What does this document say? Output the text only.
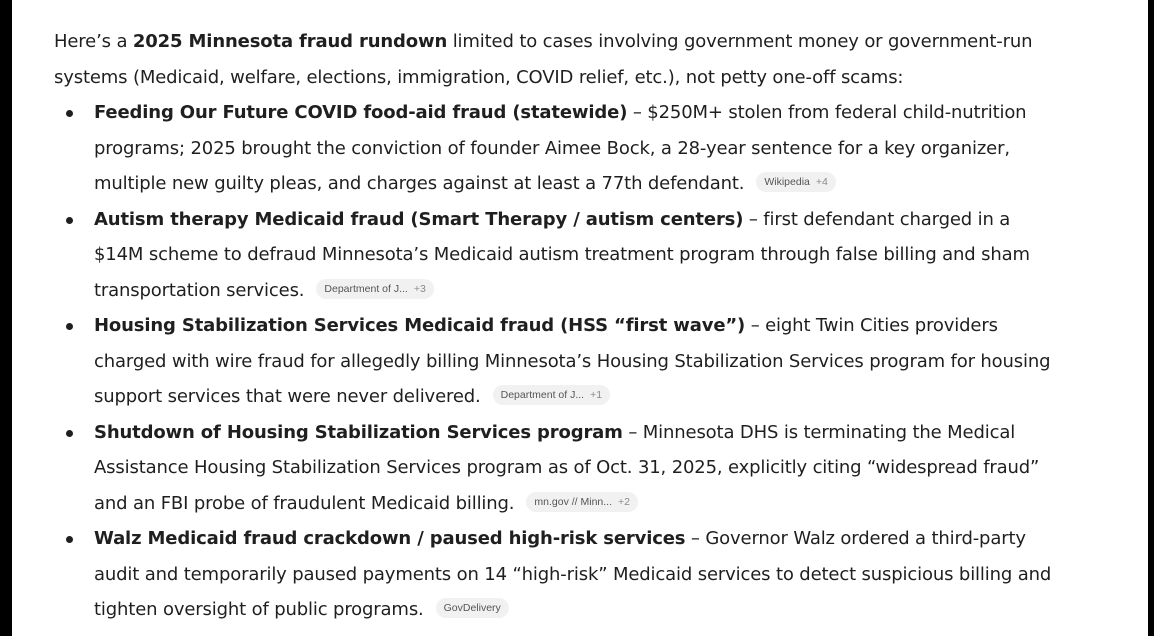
Here’s a 2025 Minnesota fraud rundown limited to cases involving government money or government-run systems (Medicaid, welfare, elections, immigration, COVID relief, etc.), not petty one-off scams:

Feeding Our Future COVID food-aid fraud (statewide) – $250M+ stolen from federal child-nutrition programs; 2025 brought the conviction of founder Aimee Bock, a 28-year sentence for a key organizer, multiple new guilty pleas, and charges against at least a 77th defendant. Wikipedia +4
Autism therapy Medicaid fraud (Smart Therapy / autism centers) – first defendant charged in a $14M scheme to defraud Minnesota’s Medicaid autism treatment program through false billing and sham transportation services. Department of J... +3
Housing Stabilization Services Medicaid fraud (HSS “first wave”) – eight Twin Cities providers charged with wire fraud for allegedly billing Minnesota’s Housing Stabilization Services program for housing support services that were never delivered. Department of J... +1
Shutdown of Housing Stabilization Services program – Minnesota DHS is terminating the Medical Assistance Housing Stabilization Services program as of Oct. 31, 2025, explicitly citing “widespread fraud” and an FBI probe of fraudulent Medicaid billing. mn.gov // Minn... +2
Walz Medicaid fraud crackdown / paused high-risk services – Governor Walz ordered a third-party audit and temporarily paused payments on 14 “high-risk” Medicaid services to detect suspicious billing and tighten oversight of public programs. GovDelivery
